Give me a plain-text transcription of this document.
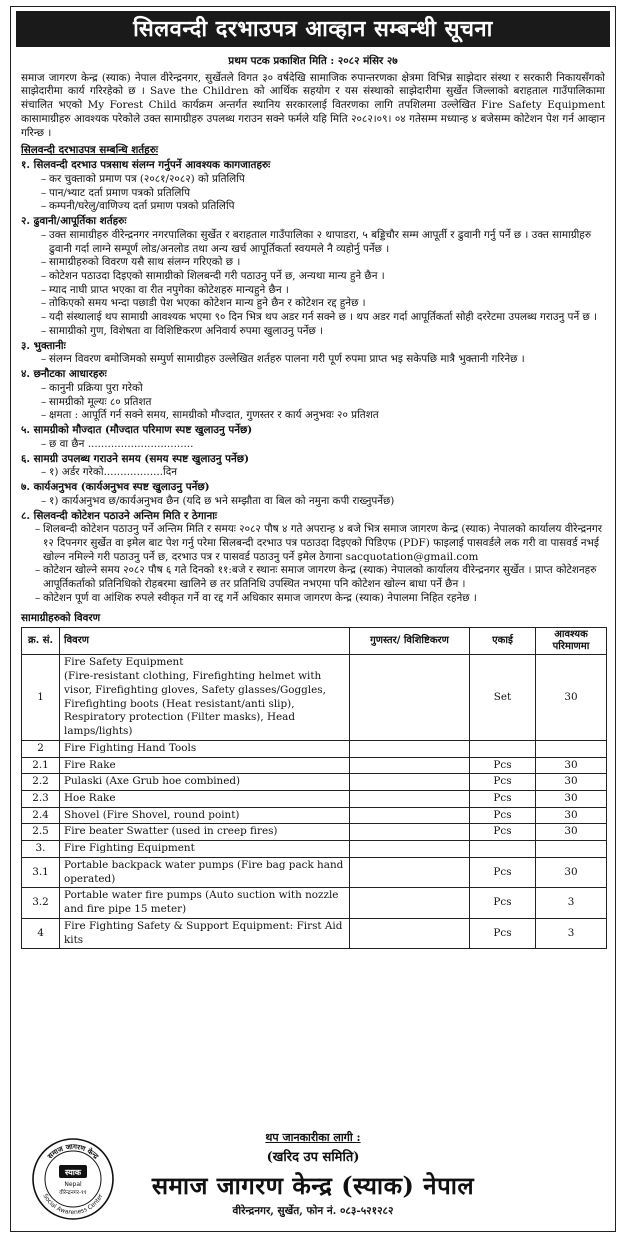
सिलवन्दी दरभाउपत्र आव्हान सम्बन्धी सूचना
प्रथम पटक प्रकाशित मिति : २०८२ मंसिर २७
समाज जागरण केन्द्र (स्याक) नेपाल वीरेन्द्रनगर, सुर्खेतले विगत ३० वर्षदेखि सामाजिक रुपान्तरणका क्षेत्रमा विभिन्न साझेदार संस्था र सरकारी निकायसँगको साझेदारीमा कार्य गरिरहेको छ । Save the Children को आर्थिक सहयोग र यस संस्थाको साझेदारीमा सुर्खेत जिल्लाको बराहताल गाउँपालिकामा संचालित भएको My Forest Child कार्यक्रम अन्तर्गत स्थानिय सरकारलाई वितरणका लागि तपशिलमा उल्लेखित Fire Safety Equipment कासामाग्रीहरु आवश्यक परेकोले उक्त सामाग्रीहरु उपलब्ध गराउन सक्ने फर्मले यहि मिति २०८२।०९। ०४ गतेसम्म मध्यान्ह ४ बजेसम्म कोटेशन पेश गर्न आव्हान गरिन्छ ।
सिलवन्दी दरभाउपत्र सम्बन्धि शर्तहरुः
१. सिलवन्दी दरभाउ पत्रसाथ संलग्न गर्नुपर्ने आवश्यक कागजातहरुः
– कर चुक्ताको प्रमाण पत्र (२०८१/२०८२) को प्रतिलिपि
– पान/भ्याट दर्ता प्रमाण पत्रको प्रतिलिपि
– कम्पनी/घरेलु/वाणिज्य दर्ता प्रमाण पत्रको प्रतिलिपि
२. ढुवानी/आपूर्तिका शर्तहरुः
– उक्त सामाग्रीहरु वीरेन्द्रनगर नगरपालिका सुर्खेत र बराहताल गाउँपालिका २ थापाडरा, ५ बड्डिचौर सम्म आपूर्ती र ढुवानी गर्नु पर्ने छ । उक्त सामाग्रीहरु ढुवानी गर्दा लाग्ने सम्पूर्ण लोड/अनलोड तथा अन्य खर्च आपूर्तिकर्ता स्वयमले नै व्यहोर्नु पर्नेछ ।
– सामाग्रीहरुको विवरण यसै साथ संलग्न गरिएको छ ।
– कोटेशन पठाउदा दिइएको सामाग्रीको शिलबन्दी गरी पठाउनु पर्ने छ, अन्यथा मान्य हुने छैन ।
– म्याद नाघी प्राप्त भएका वा रीत नपुगेका कोटेशहरु मान्यहुने छैन ।
– तोकिएको समय भन्दा पछाडी पेश भएका कोटेशन मान्य हुने छैन र कोटेशन रद्द हुनेछ ।
– यदी संस्थालाई थप सामाग्री आवश्यक भएमा ९० दिन भित्र थप अडर गर्न सक्ने छ । थप अडर गर्दा आपूर्तिकर्ता सोही दररेटमा उपलब्ध गराउनु पर्ने छ ।
– सामाग्रीको गुण, विशेषता वा विशिष्टिकरण अनिवार्य रुपमा खुलाउनु पर्नेछ ।
३. भुक्तानीः
– संलग्न विवरण बमोजिमको सम्पुर्ण सामाग्रीहरु उल्लेखित शर्तहरु पालना गरी पूर्ण रुपमा प्राप्त भइ सकेपछि मात्रै भुक्तानी गरिनेछ ।
४. छनौटका आधारहरुः
– कानुनी प्रक्रिया पुरा गरेको
– सामग्रीको मूल्यः ८० प्रतिशत
– क्षमता : आपूर्ति गर्न सक्ने समय, सामग्रीको मौज्दात, गुणस्तर र कार्य अनुभवः २० प्रतिशत
५. सामग्रीको मौज्दात (मौज्दात परिमाण स्पष्ट खुलाउनु पर्नेछ)
– छ वा छैन ................................
६. सामग्री उपलब्ध गराउने समय (समय स्पष्ट खुलाउनु पर्नेछ)
– १) अर्डर गरेको..................दिन
७. कार्यअनुभव (कार्यअनुभव स्पष्ट खुलाउनु पर्नेछ)
– १) कार्यअनुभव छ/कार्यअनुभव छैन (यदि छ भने सम्झौता वा बिल को नमुना कपी राख्नुपर्नेछ)
८. सिलवन्दी कोटेशन पठाउने अन्तिम मिति र ठेगानाः
– शिलबन्दी कोटेशन पठाउनु पर्ने अन्तिम मिति र समयः २०८२ पौष ४ गते अपरान्ह ४ बजे भित्र समाज जागरण केन्द्र (स्याक) नेपालको कार्यालय वीरेन्द्रनगर १२ दिपनगर सुर्खेत वा इमेल बाट पेश गर्नु परेमा सिलबन्दी दरभाउ पत्र पठाउदा दिइएको पिडिएफ (PDF) फाइलाई पासवर्डले लक गरी वा पासवर्ड नभई खोल्न नमिल्ने गरी पठाउनु पर्ने छ, दरभाउ पत्र र पासवर्ड पठाउनु पर्ने इमेल ठेगाना sacquotation@gmail.com
– कोटेशन खोल्ने समय २०८२ पौष ६ गते दिनको ११:बजे र स्थानः समाज जागरण केन्द्र (स्याक) नेपालको कार्यालय वीरेन्द्रनगर सुर्खेत । प्राप्त कोटेशनहरु आपूर्तिकर्ताको प्रतिनिधिको रोहबरमा खालिने छ तर प्रतिनिधि उपस्थित नभएमा पनि कोटेशन खोल्न बाधा पर्ने छैन ।
– कोटेशन पूर्ण वा आंशिक रुपले स्वीकृत गर्ने वा रद्द गर्ने अधिकार समाज जागरण केन्द्र (स्याक) नेपालमा निहित रहनेछ ।
सामाग्रीहरुको विवरण
क्र. सं.	विवरण	गुणस्तर/ विशिष्टिकरण	एकाई	आवश्यक परिमाणमा
1	Fire Safety Equipment
(Fire-resistant clothing, Firefighting helmet with visor, Firefighting gloves, Safety glasses/Goggles, Firefighting boots (Heat resistant/anti slip), Respiratory protection (Filter masks), Head lamps/lights)		Set	30
2	Fire Fighting Hand Tools			
2.1	Fire Rake		Pcs	30
2.2	Pulaski (Axe Grub hoe combined)		Pcs	30
2.3	Hoe Rake		Pcs	30
2.4	Shovel (Fire Shovel, round point)		Pcs	30
2.5	Fire beater Swatter (used in creep fires)		Pcs	30
3.	Fire Fighting Equipment			
3.1	Portable backpack water pumps (Fire bag pack hand operated)		Pcs	30
3.2	Portable water fire pumps (Auto suction with nozzle and fire pipe 15 meter)		Pcs	3
4	Fire Fighting Safety & Support Equipment: First Aid kits		Pcs	3
समाज जागरण केन्द्र
Social Awareness Center
स्याक
Nepal
वीरेन्द्रनगर-११
थप जानकारीका लागी :
(खरिद उप समिति)
समाज जागरण केन्द्र (स्याक) नेपाल
वीरेन्द्रनगर, सुर्खेत, फोन नं. ०८३-५२१२८२
